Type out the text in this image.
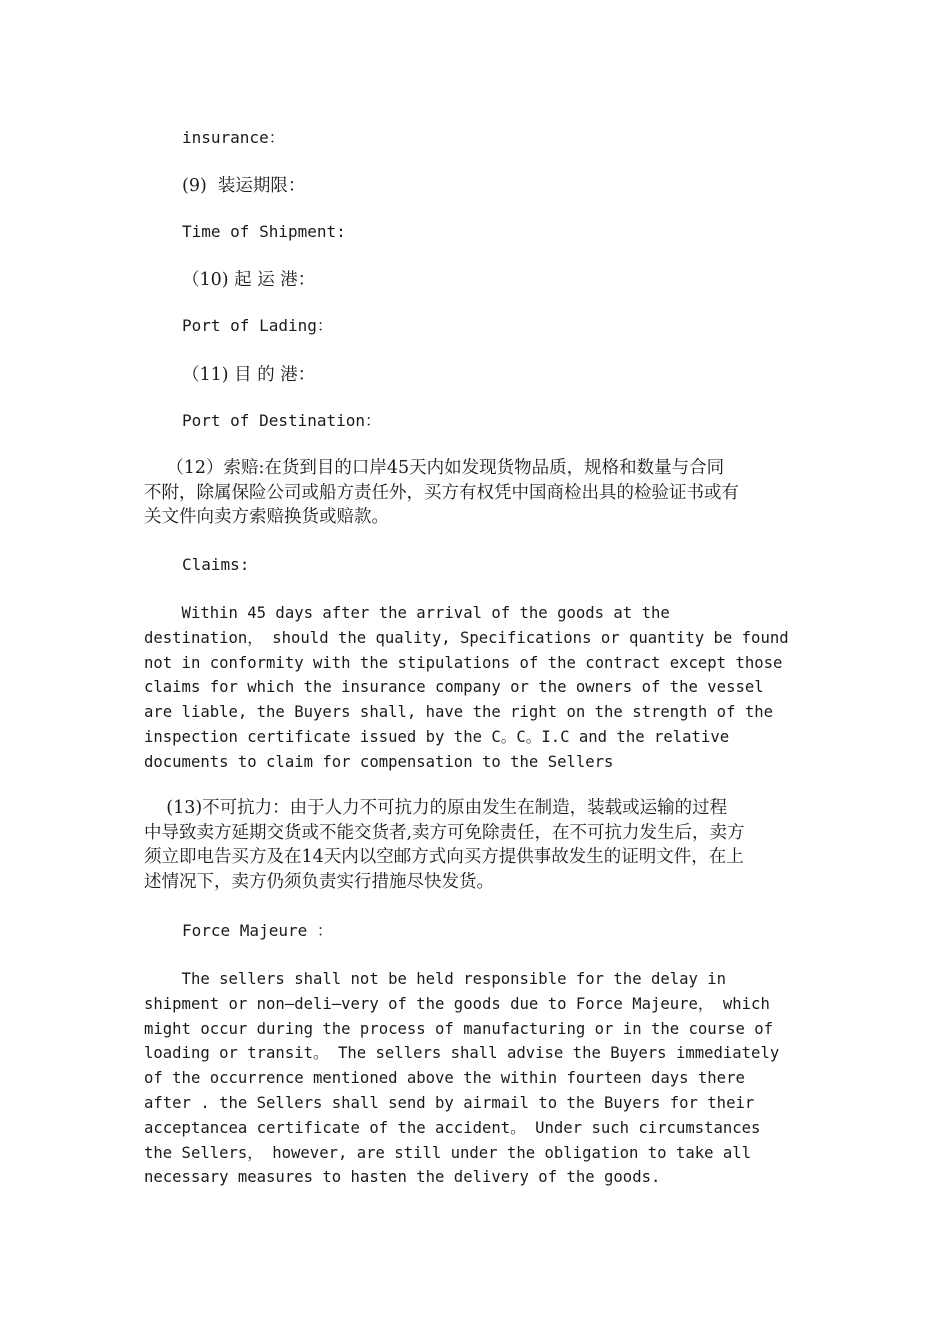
insurance：
(9)  装运期限：
Time of Shipment:
（10) 起 运 港：
Port of Lading：
（11) 目 的 港：
Port of Destination：
（12）索赔:在货到目的口岸45天内如发现货物品质，规格和数量与合同
不附，除属保险公司或船方责任外，买方有权凭中国商检出具的检验证书或有
关文件向卖方索赔换货或赔款。
Claims:
Within 45 days after the arrival of the goods at the
destination， should the quality, Specifications or quantity be found
not in conformity with the stipulations of the contract except those
claims for which the insurance company or the owners of the vessel
are liable, the Buyers shall, have the right on the strength of the
inspection certificate issued by the C。C。I.C and the relative
documents to claim for compensation to the Sellers
(13)不可抗力：由于人力不可抗力的原由发生在制造，装载或运输的过程
中导致卖方延期交货或不能交货者,卖方可免除责任，在不可抗力发生后，卖方
须立即电告买方及在14天内以空邮方式向买方提供事故发生的证明文件，在上
述情况下，卖方仍须负责实行措施尽快发货。
Force Majeure ：
The sellers shall not be held responsible for the delay in
shipment or non—deli—very of the goods due to Force Majeure， which
might occur during the process of manufacturing or in the course of
loading or transit。 The sellers shall advise the Buyers immediately
of the occurrence mentioned above the within fourteen days there
after . the Sellers shall send by airmail to the Buyers for their
acceptancea certificate of the accident。 Under such circumstances
the Sellers， however, are still under the obligation to take all
necessary measures to hasten the delivery of the goods.
